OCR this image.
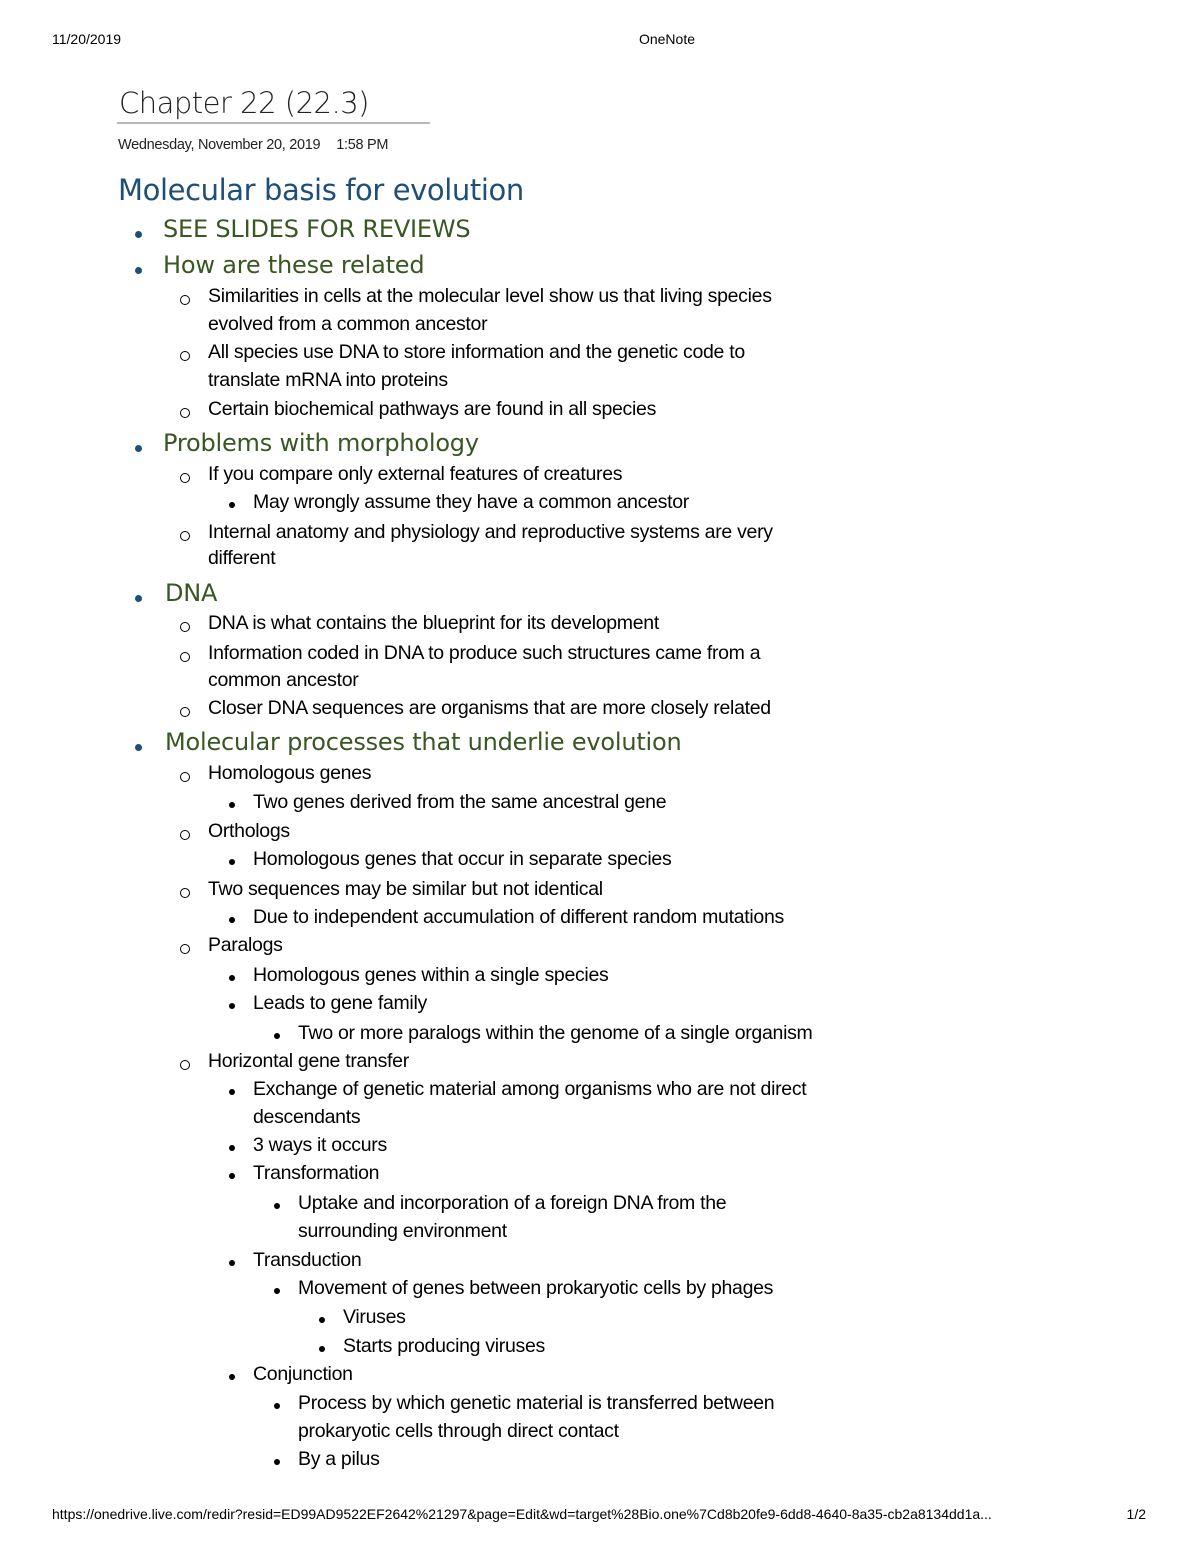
11/20/2019	OneNote
Chapter 22 (22.3)
Wednesday, November 20, 2019 1:58 PM
Molecular basis for evolution
SEE SLIDES FOR REVIEWS
How are these related
Similarities in cells at the molecular level show us that living species
evolved from a common ancestor
All species use DNA to store information and the genetic code to
translate mRNA into proteins
Certain biochemical pathways are found in all species
Problems with morphology
If you compare only external features of creatures
May wrongly assume they have a common ancestor
Internal anatomy and physiology and reproductive systems are very
different
DNA
DNA is what contains the blueprint for its development
Information coded in DNA to produce such structures came from a
common ancestor
Closer DNA sequences are organisms that are more closely related
Molecular processes that underlie evolution
Homologous genes
Two genes derived from the same ancestral gene
Orthologs
Homologous genes that occur in separate species
Two sequences may be similar but not identical
Due to independent accumulation of different random mutations
Paralogs
Homologous genes within a single species
Leads to gene family
Two or more paralogs within the genome of a single organism
Horizontal gene transfer
Exchange of genetic material among organisms who are not direct
descendants
3 ways it occurs
Transformation
Uptake and incorporation of a foreign DNA from the
surrounding environment
Transduction
Movement of genes between prokaryotic cells by phages
Viruses
Starts producing viruses
Conjunction
Process by which genetic material is transferred between
prokaryotic cells through direct contact
By a pilus
https://onedrive.live.com/redir?resid=ED99AD9522EF2642%21297&page=Edit&wd=target%28Bio.one%7Cd8b20fe9-6dd8-4640-8a35-cb2a8134dd1a...	1/2
